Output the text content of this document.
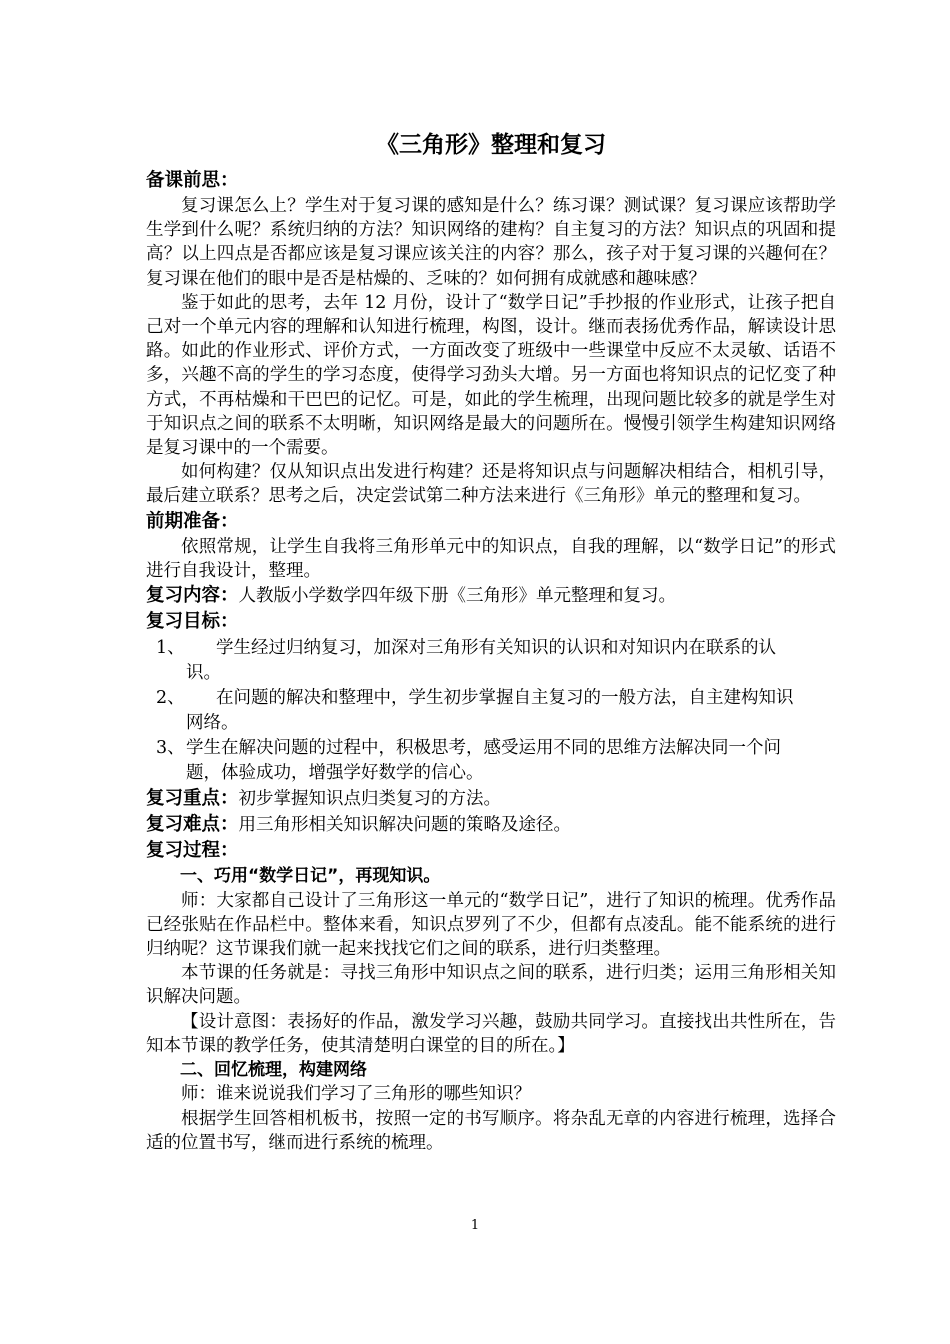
《三角形》整理和复习
备课前思：

复习课怎么上？学生对于复习课的感知是什么？练习课？测试课？复习课应该帮助学生学到什么呢？系统归纳的方法？知识网络的建构？自主复习的方法？知识点的巩固和提高？以上四点是否都应该是复习课应该关注的内容？那么，孩子对于复习课的兴趣何在？复习课在他们的眼中是否是枯燥的、乏味的？如何拥有成就感和趣味感？

鉴于如此的思考，去年 12 月份，设计了“数学日记”手抄报的作业形式，让孩子把自己对一个单元内容的理解和认知进行梳理，构图，设计。继而表扬优秀作品，解读设计思路。如此的作业形式、评价方式，一方面改变了班级中一些课堂中反应不太灵敏、话语不多，兴趣不高的学生的学习态度，使得学习劲头大增。另一方面也将知识点的记忆变了种方式，不再枯燥和干巴巴的记忆。可是，如此的学生梳理，出现问题比较多的就是学生对于知识点之间的联系不太明晰，知识网络是最大的问题所在。慢慢引领学生构建知识网络是复习课中的一个需要。

如何构建？仅从知识点出发进行构建？还是将知识点与问题解决相结合，相机引导，最后建立联系？思考之后，决定尝试第二种方法来进行《三角形》单元的整理和复习。

前期准备：

依照常规，让学生自我将三角形单元中的知识点，自我的理解，以“数学日记”的形式进行自我设计，整理。

复习内容：人教版小学数学四年级下册《三角形》单元整理和复习。
复习目标：
1、 学生经过归纳复习，加深对三角形有关知识的认识和对知识内在联系的认
识。
2、 在问题的解决和整理中，学生初步掌握自主复习的一般方法，自主建构知识
网络。
3、 学生在解决问题的过程中，积极思考，感受运用不同的思维方法解决同一个问
题，体验成功，增强学好数学的信心。
复习重点：初步掌握知识点归类复习的方法。
复习难点：用三角形相关知识解决问题的策略及途径。
复习过程：
一、巧用“数学日记”，再现知识。

师：大家都自己设计了三角形这一单元的“数学日记”，进行了知识的梳理。优秀作品已经张贴在作品栏中。整体来看，知识点罗列了不少，但都有点凌乱。能不能系统的进行归纳呢？这节课我们就一起来找找它们之间的联系，进行归类整理。

本节课的任务就是：寻找三角形中知识点之间的联系，进行归类；运用三角形相关知识解决问题。

【设计意图：表扬好的作品，激发学习兴趣，鼓励共同学习。直接找出共性所在，告知本节课的教学任务，使其清楚明白课堂的目的所在。】

二、回忆梳理，构建网络

师：谁来说说我们学习了三角形的哪些知识？

根据学生回答相机板书，按照一定的书写顺序。将杂乱无章的内容进行梳理，选择合适的位置书写，继而进行系统的梳理。

1
